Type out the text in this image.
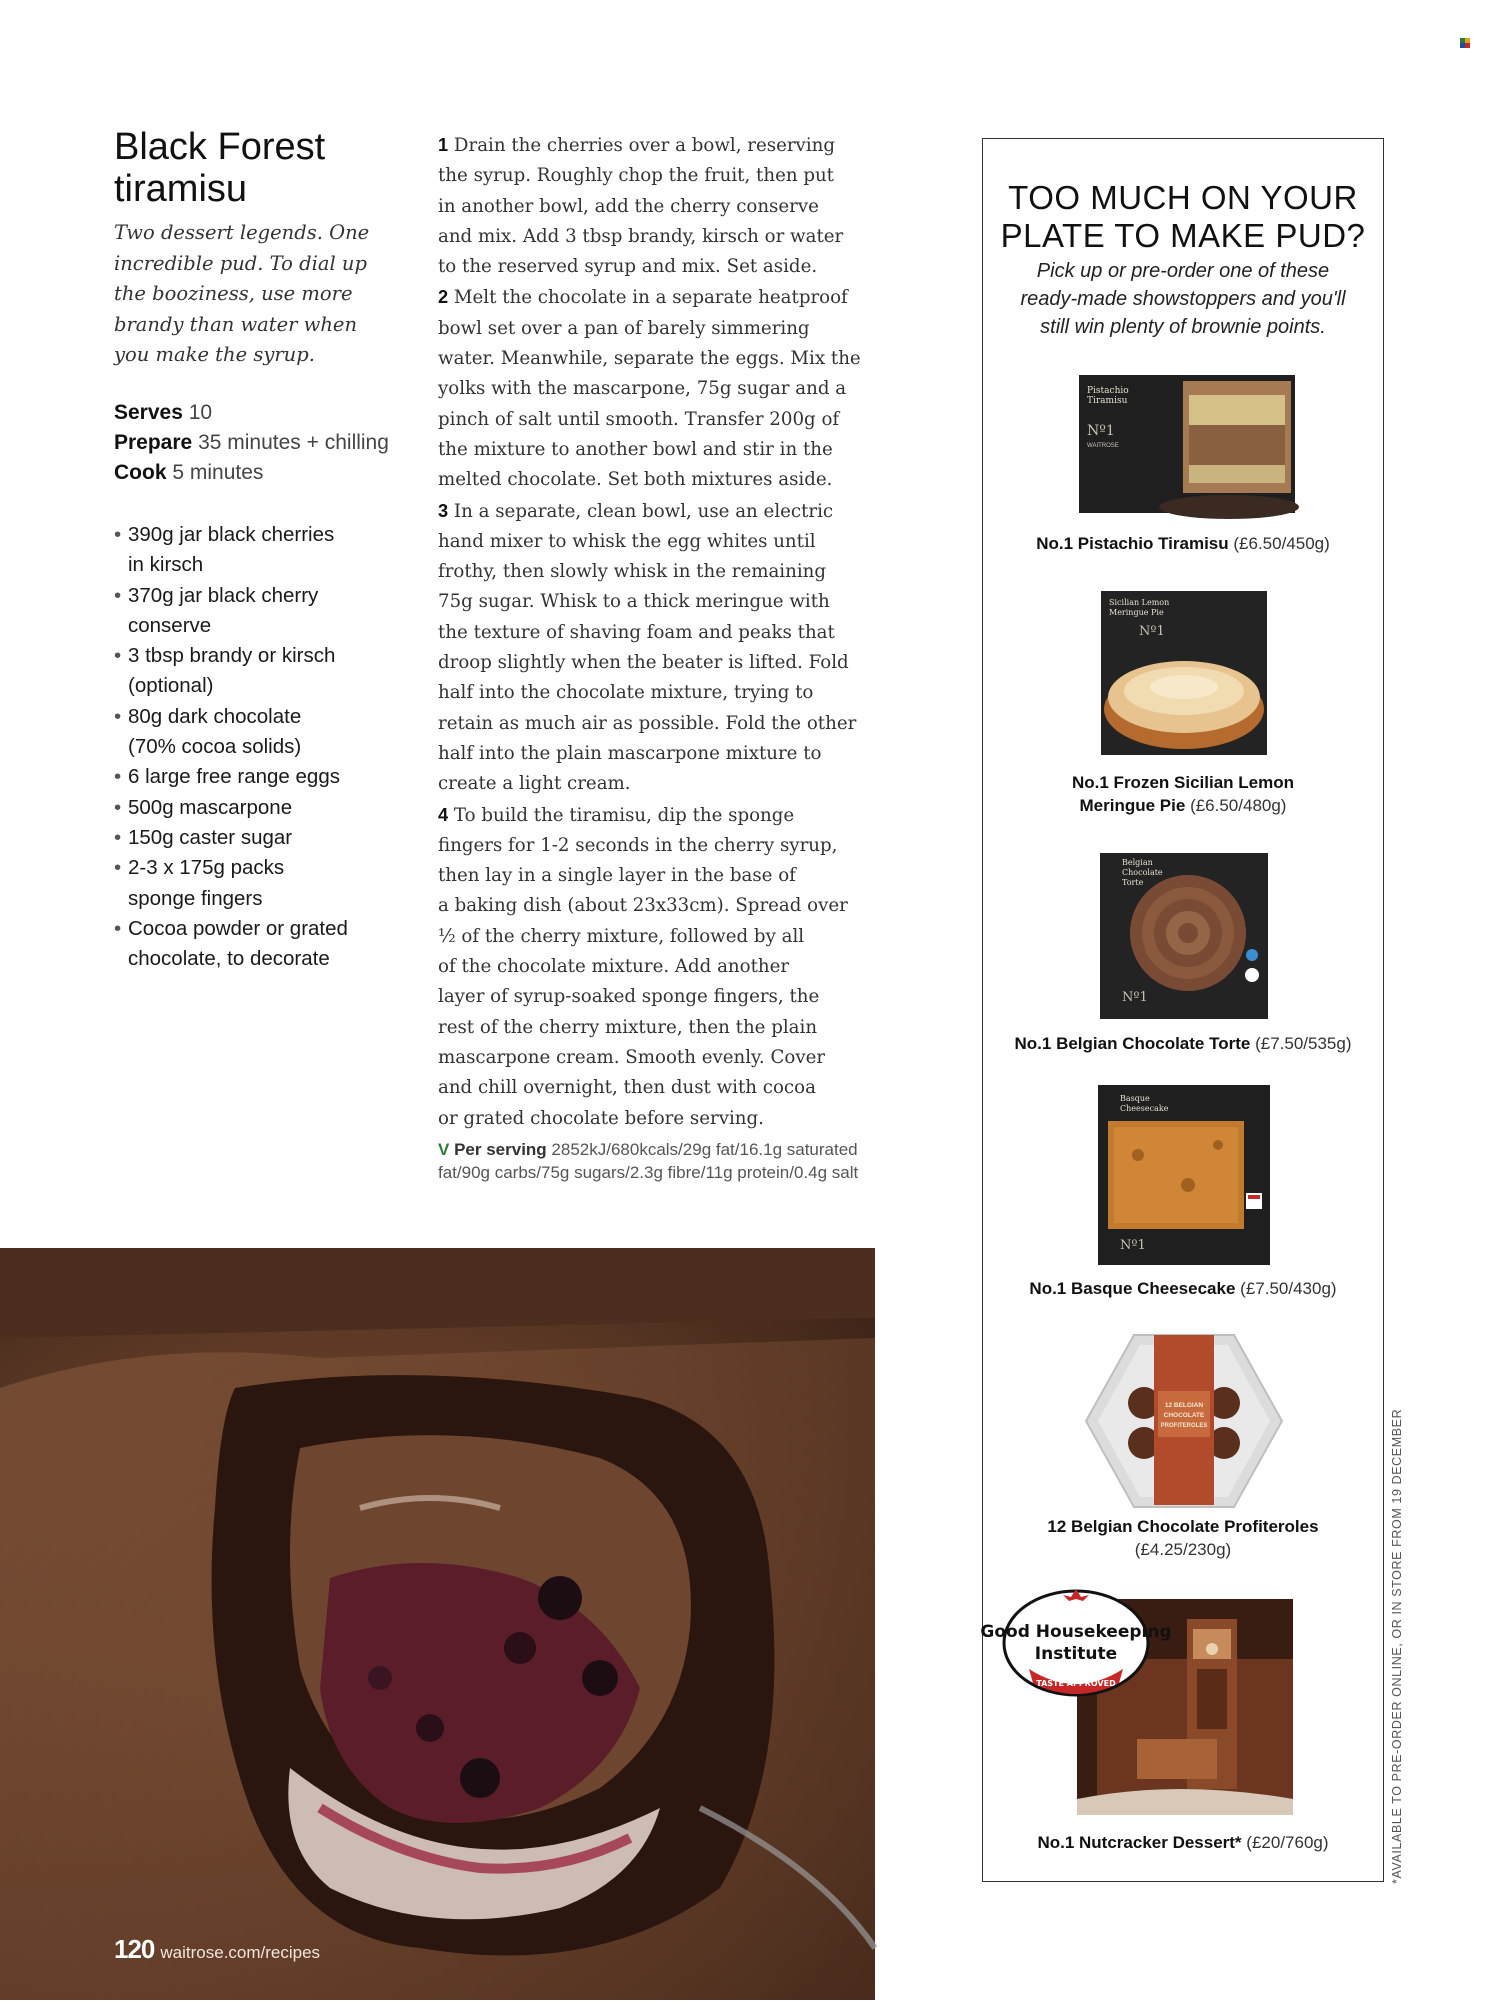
Black Forest
tiramisu
Two dessert legends. One
incredible pud. To dial up
the booziness, use more
brandy than water when
you make the syrup.
Serves 10
Prepare 35 minutes + chilling
Cook 5 minutes
• 390g jar black cherries
in kirsch
• 370g jar black cherry
conserve
• 3 tbsp brandy or kirsch
(optional)
• 80g dark chocolate
(70% cocoa solids)
• 6 large free range eggs
• 500g mascarpone
• 150g caster sugar
• 2-3 x 175g packs
sponge fingers
• Cocoa powder or grated
chocolate, to decorate
1 Drain the cherries over a bowl, reserving
the syrup. Roughly chop the fruit, then put
in another bowl, add the cherry conserve
and mix. Add 3 tbsp brandy, kirsch or water
to the reserved syrup and mix. Set aside.
2 Melt the chocolate in a separate heatproof
bowl set over a pan of barely simmering
water. Meanwhile, separate the eggs. Mix the
yolks with the mascarpone, 75g sugar and a
pinch of salt until smooth. Transfer 200g of
the mixture to another bowl and stir in the
melted chocolate. Set both mixtures aside.
3 In a separate, clean bowl, use an electric
hand mixer to whisk the egg whites until
frothy, then slowly whisk in the remaining
75g sugar. Whisk to a thick meringue with
the texture of shaving foam and peaks that
droop slightly when the beater is lifted. Fold
half into the chocolate mixture, trying to
retain as much air as possible. Fold the other
half into the plain mascarpone mixture to
create a light cream.
4 To build the tiramisu, dip the sponge
fingers for 1-2 seconds in the cherry syrup,
then lay in a single layer in the base of
a baking dish (about 23x33cm). Spread over
½ of the cherry mixture, followed by all
of the chocolate mixture. Add another
layer of syrup-soaked sponge fingers, the
rest of the cherry mixture, then the plain
mascarpone cream. Smooth evenly. Cover
and chill overnight, then dust with cocoa
or grated chocolate before serving.
V Per serving 2852kJ/680kcals/29g fat/16.1g saturated
fat/90g carbs/75g sugars/2.3g fibre/11g protein/0.4g salt
120 waitrose.com/recipes
TOO MUCH ON YOUR
PLATE TO MAKE PUD?
Pick up or pre-order one of these
ready-made showstoppers and you'll
still win plenty of brownie points.
Pistachio
Tiramisu
Nº1
WAITROSE
No.1 Pistachio Tiramisu (£6.50/450g)
Sicilian Lemon
Meringue Pie
Nº1
No.1 Frozen Sicilian Lemon
Meringue Pie (£6.50/480g)
Belgian
Chocolate
Torte
Nº1
No.1 Belgian Chocolate Torte (£7.50/535g)
Basque
Cheesecake
Nº1
No.1 Basque Cheesecake (£7.50/430g)
12 BELGIAN
CHOCOLATE
PROFITEROLES
12 Belgian Chocolate Profiteroles
(£4.25/230g)
Good Housekeeping
Institute
TASTE APPROVED
No.1 Nutcracker Dessert* (£20/760g)	*AVAILABLE TO PRE-ORDER ONLINE, OR IN STORE FROM 19 DECEMBER
